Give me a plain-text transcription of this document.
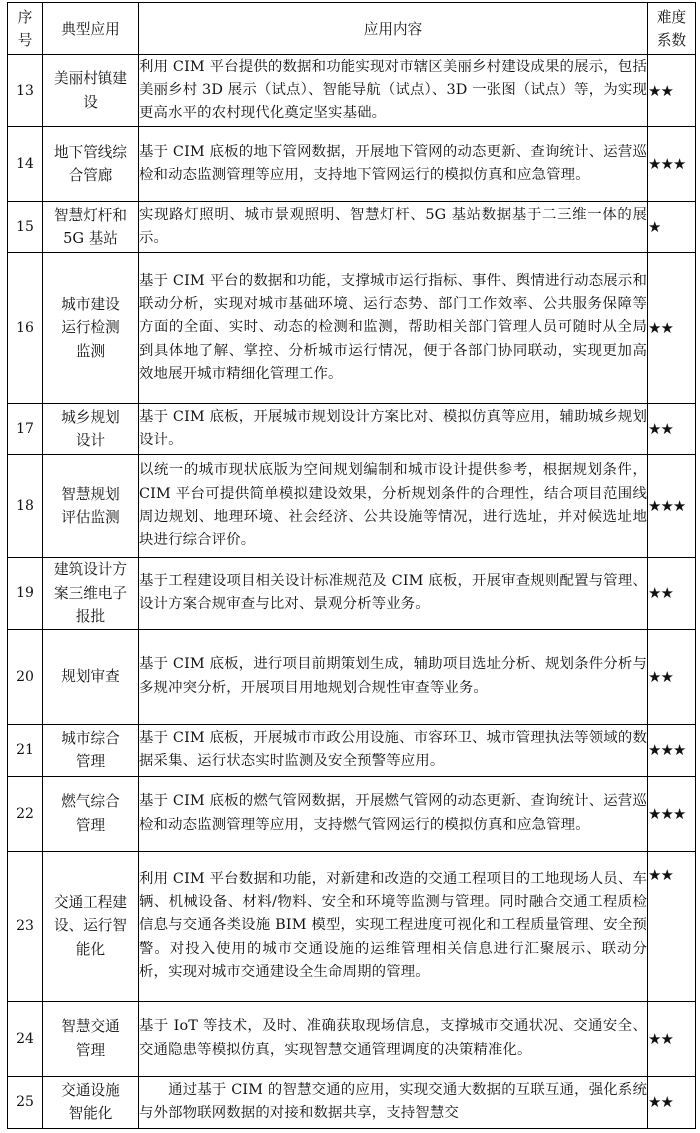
序号	典型应用	应用内容	难度系数
13	美丽村镇建设	利用 CIM 平台提供的数据和功能实现对市辖区美丽乡村建设成果的展示，包括美丽乡村 3D 展示（试点）、智能导航（试点）、3D 一张图（试点）等，为实现更高水平的农村现代化奠定坚实基础。	★★
14	地下管线综合管廊	基于 CIM 底板的地下管网数据，开展地下管网的动态更新、查询统计、运营巡检和动态监测管理等应用，支持地下管网运行的模拟仿真和应急管理。	★★★
15	智慧灯杆和 5G 基站	实现路灯照明、城市景观照明、智慧灯杆、5G 基站数据基于二三维一体的展示。	★
16	城市建设运行检测监测	基于 CIM 平台的数据和功能，支撑城市运行指标、事件、舆情进行动态展示和联动分析，实现对城市基础环境、运行态势、部门工作效率、公共服务保障等方面的全面、实时、动态的检测和监测，帮助相关部门管理人员可随时从全局到具体地了解、掌控、分析城市运行情况，便于各部门协同联动，实现更加高效地展开城市精细化管理工作。	★★
17	城乡规划设计	基于 CIM 底板，开展城市规划设计方案比对、模拟仿真等应用，辅助城乡规划设计。	★★
18	智慧规划评估监测	以统一的城市现状底版为空间规划编制和城市设计提供参考，根据规划条件，CIM 平台可提供简单模拟建设效果，分析规划条件的合理性，结合项目范围线周边规划、地理环境、社会经济、公共设施等情况，进行选址，并对候选址地块进行综合评价。	★★★
19	建筑设计方案三维电子报批	基于工程建设项目相关设计标准规范及 CIM 底板，开展审查规则配置与管理、设计方案合规审查与比对、景观分析等业务。	★★
20	规划审查	基于 CIM 底板，进行项目前期策划生成，辅助项目选址分析、规划条件分析与多规冲突分析，开展项目用地规划合规性审查等业务。	★★
21	城市综合管理	基于 CIM 底板，开展城市市政公用设施、市容环卫、城市管理执法等领域的数据采集、运行状态实时监测及安全预警等应用。	★★★
22	燃气综合管理	基于 CIM 底板的燃气管网数据，开展燃气管网的动态更新、查询统计、运营巡检和动态监测管理等应用，支持燃气管网运行的模拟仿真和应急管理。	★★★
23	交通工程建设、运行智能化	利用 CIM 平台数据和功能，对新建和改造的交通工程项目的工地现场人员、车辆、机械设备、材料/物料、安全和环境等监测与管理。同时融合交通工程质检信息与交通各类设施 BIM 模型，实现工程进度可视化和工程质量管理、安全预警。对投入使用的城市交通设施的运维管理相关信息进行汇聚展示、联动分析，实现对城市交通建设全生命周期的管理。	★★
24	智慧交通管理	基于 IoT 等技术，及时、准确获取现场信息，支撑城市交通状况、交通安全、交通隐患等模拟仿真，实现智慧交通管理调度的决策精准化。	★★
25	交通设施智能化	　　通过基于 CIM 的智慧交通的应用，实现交通大数据的互联互通，强化系统与外部物联网数据的对接和数据共享，支持智慧交	★★
